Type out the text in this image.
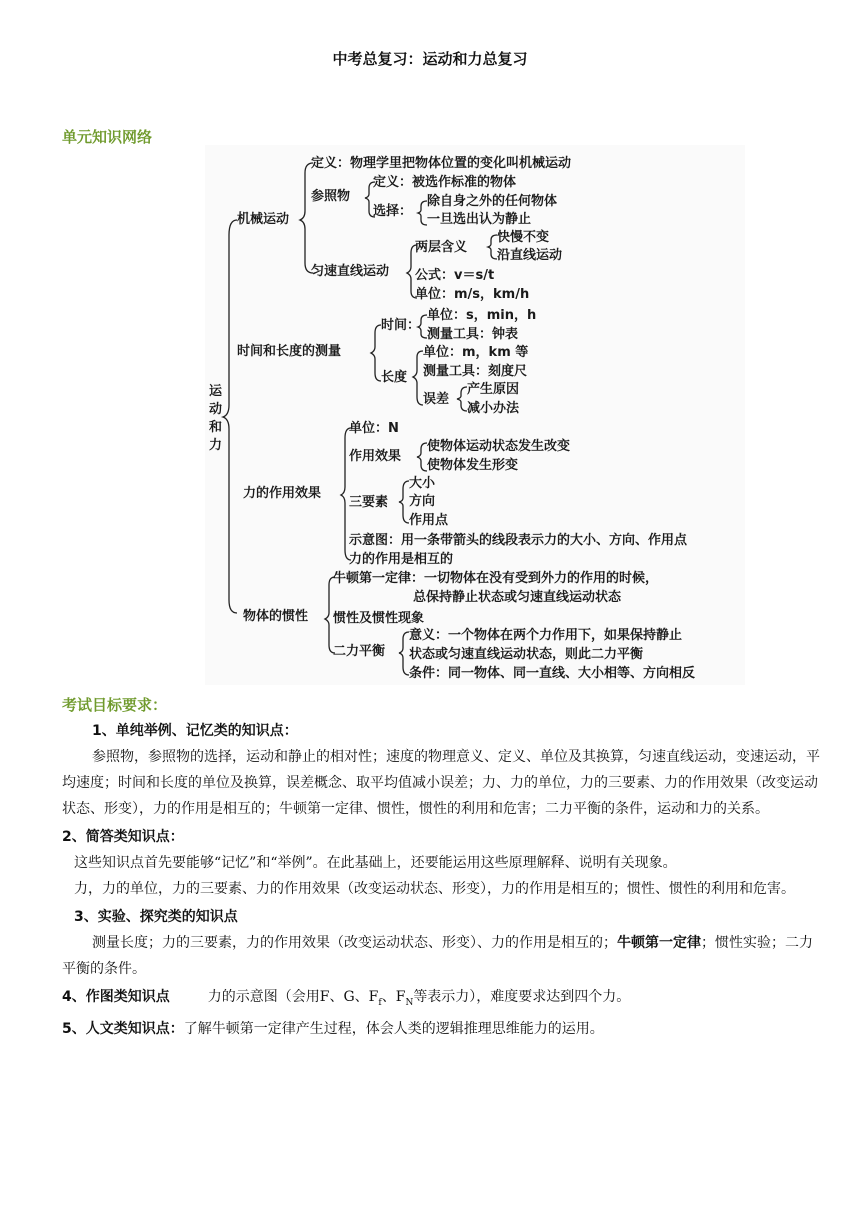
中考总复习：运动和力总复习
单元知识网络
运
动
和
力
机械运动
定义：物理学里把物体位置的变化叫机械运动
参照物
定义：被选作标准的物体
选择：
除自身之外的任何物体
一旦选出认为静止
匀速直线运动
两层含义
快慢不变
沿直线运动
公式：v＝s/t
单位：m/s，km/h
时间和长度的测量
时间：
单位：s，min，h
测量工具：钟表
长度
单位：m，km 等
测量工具：刻度尺
误差
产生原因
减小办法
力的作用效果
单位：N
作用效果
使物体运动状态发生改变
使物体发生形变
三要素
大小
方向
作用点
示意图：用一条带箭头的线段表示力的大小、方向、作用点
力的作用是相互的
物体的惯性
牛顿第一定律：一切物体在没有受到外力的作用的时候，
总保持静止状态或匀速直线运动状态
惯性及惯性现象
二力平衡
意义：一个物体在两个力作用下，如果保持静止
状态或匀速直线运动状态，则此二力平衡
条件：同一物体、同一直线、大小相等、方向相反
考试目标要求：
1、单纯举例、记忆类的知识点：
参照物，参照物的选择，运动和静止的相对性；速度的物理意义、定义、单位及其换算，匀速直线运动，变速运动，平均速度；时间和长度的单位及换算，误差概念、取平均值减小误差；力、力的单位，力的三要素、力的作用效果（改变运动状态、形变），力的作用是相互的；牛顿第一定律、惯性，惯性的利用和危害；二力平衡的条件，运动和力的关系。
2、简答类知识点：
这些知识点首先要能够“记忆”和“举例”。在此基础上，还要能运用这些原理解释、说明有关现象。
力，力的单位，力的三要素、力的作用效果（改变运动状态、形变），力的作用是相互的；惯性、惯性的利用和危害。
3、实验、探究类的知识点
测量长度；力的三要素，力的作用效果（改变运动状态、形变）、力的作用是相互的；牛顿第一定律；惯性实验；二力平衡的条件。
4、作图类知识点	力的示意图（会用F、G、$F_f$、$F_N$等表示力），难度要求达到四个力。
5、人文类知识点：了解牛顿第一定律产生过程，体会人类的逻辑推理思维能力的运用。
